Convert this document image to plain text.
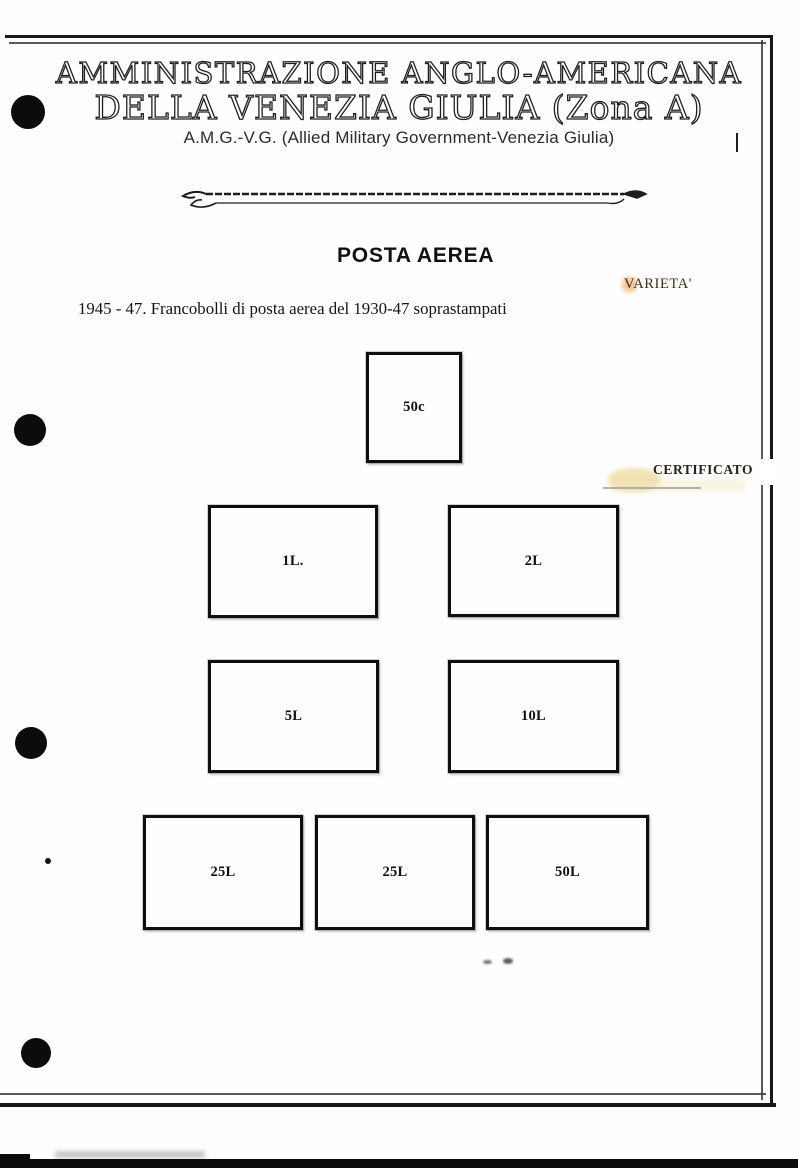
AMMINISTRAZIONE ANGLO-AMERICANA
DELLA VENEZIA GIULIA (Zona A)
A.M.G.-V.G. (Allied Military Government-Venezia Giulia)
POSTA AEREA
VARIETA'
1945 - 47. Francobolli di posta aerea del 1930-47 soprastampati
CERTIFICATO
50c
1L.	2L
5L	10L
25L	25L	50L
